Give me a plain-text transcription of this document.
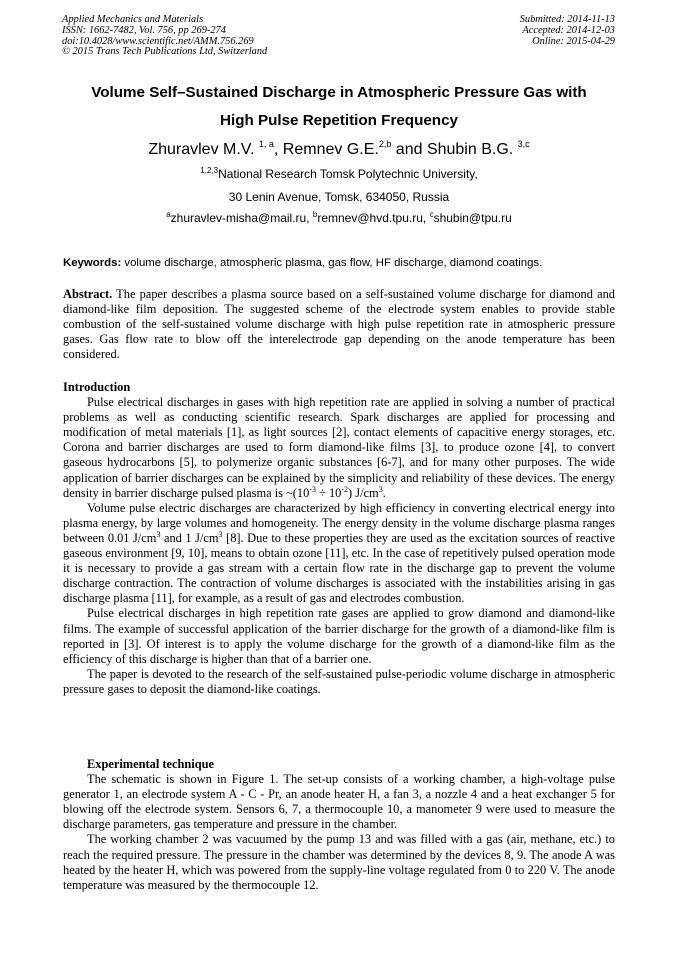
Applied Mechanics and Materials
ISSN: 1662-7482, Vol. 756, pp 269-274
doi:10.4028/www.scientific.net/AMM.756.269
© 2015 Trans Tech Publications Ltd, Switzerland
Submitted: 2014-11-13
Accepted: 2014-12-03
Online: 2015-04-29
Volume Self–Sustained Discharge in Atmospheric Pressure Gas with
High Pulse Repetition Frequency
Zhuravlev M.V. $^{1, a}$, Remnev G.E.$^{2,b}$ and Shubin B.G. $^{3,c}$
$^{1,2,3}$National Research Tomsk Polytechnic University,
30 Lenin Avenue, Tomsk, 634050, Russia
$^a$zhuravlev-misha@mail.ru, $^b$remnev@hvd.tpu.ru, $^c$shubin@tpu.ru
Keywords: volume discharge, atmospheric plasma, gas flow, HF discharge, diamond coatings.

Abstract. The paper describes a plasma source based on a self-sustained volume discharge for diamond and diamond-like film deposition. The suggested scheme of the electrode system enables to provide stable combustion of the self-sustained volume discharge with high pulse repetition rate in atmospheric pressure gases. Gas flow rate to blow off the interelectrode gap depending on the anode temperature has been considered.

Introduction

Pulse electrical discharges in gases with high repetition rate are applied in solving a number of practical problems as well as conducting scientific research. Spark discharges are applied for processing and modification of metal materials [1], as light sources [2], contact elements of capacitive energy storages, etc. Corona and barrier discharges are used to form diamond-like films [3], to produce ozone [4], to convert gaseous hydrocarbons [5], to polymerize organic substances [6-7], and for many other purposes. The wide application of barrier discharges can be explained by the simplicity and reliability of these devices. The energy density in barrier discharge pulsed plasma is $\sim(10^{-3} \div 10^{-2})$ $J/cm^3$.

Volume pulse electric discharges are characterized by high efficiency in converting electrical energy into plasma energy, by large volumes and homogeneity. The energy density in the volume discharge plasma ranges between 0.01 $J/cm^3$ and 1 $J/cm^3$ [8]. Due to these properties they are used as the excitation sources of reactive gaseous environment [9, 10], means to obtain ozone [11], etc. In the case of repetitively pulsed operation mode it is necessary to provide a gas stream with a certain flow rate in the discharge gap to prevent the volume discharge contraction. The contraction of volume discharges is associated with the instabilities arising in gas discharge plasma [11], for example, as a result of gas and electrodes combustion.

Pulse electrical discharges in high repetition rate gases are applied to grow diamond and diamond-like films. The example of successful application of the barrier discharge for the growth of a diamond-like film is reported in [3]. Of interest is to apply the volume discharge for the growth of a diamond-like film as the efficiency of this discharge is higher than that of a barrier one.

The paper is devoted to the research of the self-sustained pulse-periodic volume discharge in atmospheric pressure gases to deposit the diamond-like coatings.

Experimental technique

The schematic is shown in Figure 1. The set-up consists of a working chamber, a high-voltage pulse generator 1, an electrode system A - C - Pr, an anode heater H, a fan 3, a nozzle 4 and a heat exchanger 5 for blowing off the electrode system. Sensors 6, 7, a thermocouple 10, a manometer 9 were used to measure the discharge parameters, gas temperature and pressure in the chamber.

The working chamber 2 was vacuumed by the pump 13 and was filled with a gas (air, methane, etc.) to reach the required pressure. The pressure in the chamber was determined by the devices 8, 9. The anode A was heated by the heater H, which was powered from the supply-line voltage regulated from 0 to 220 V. The anode temperature was measured by the thermocouple 12.
